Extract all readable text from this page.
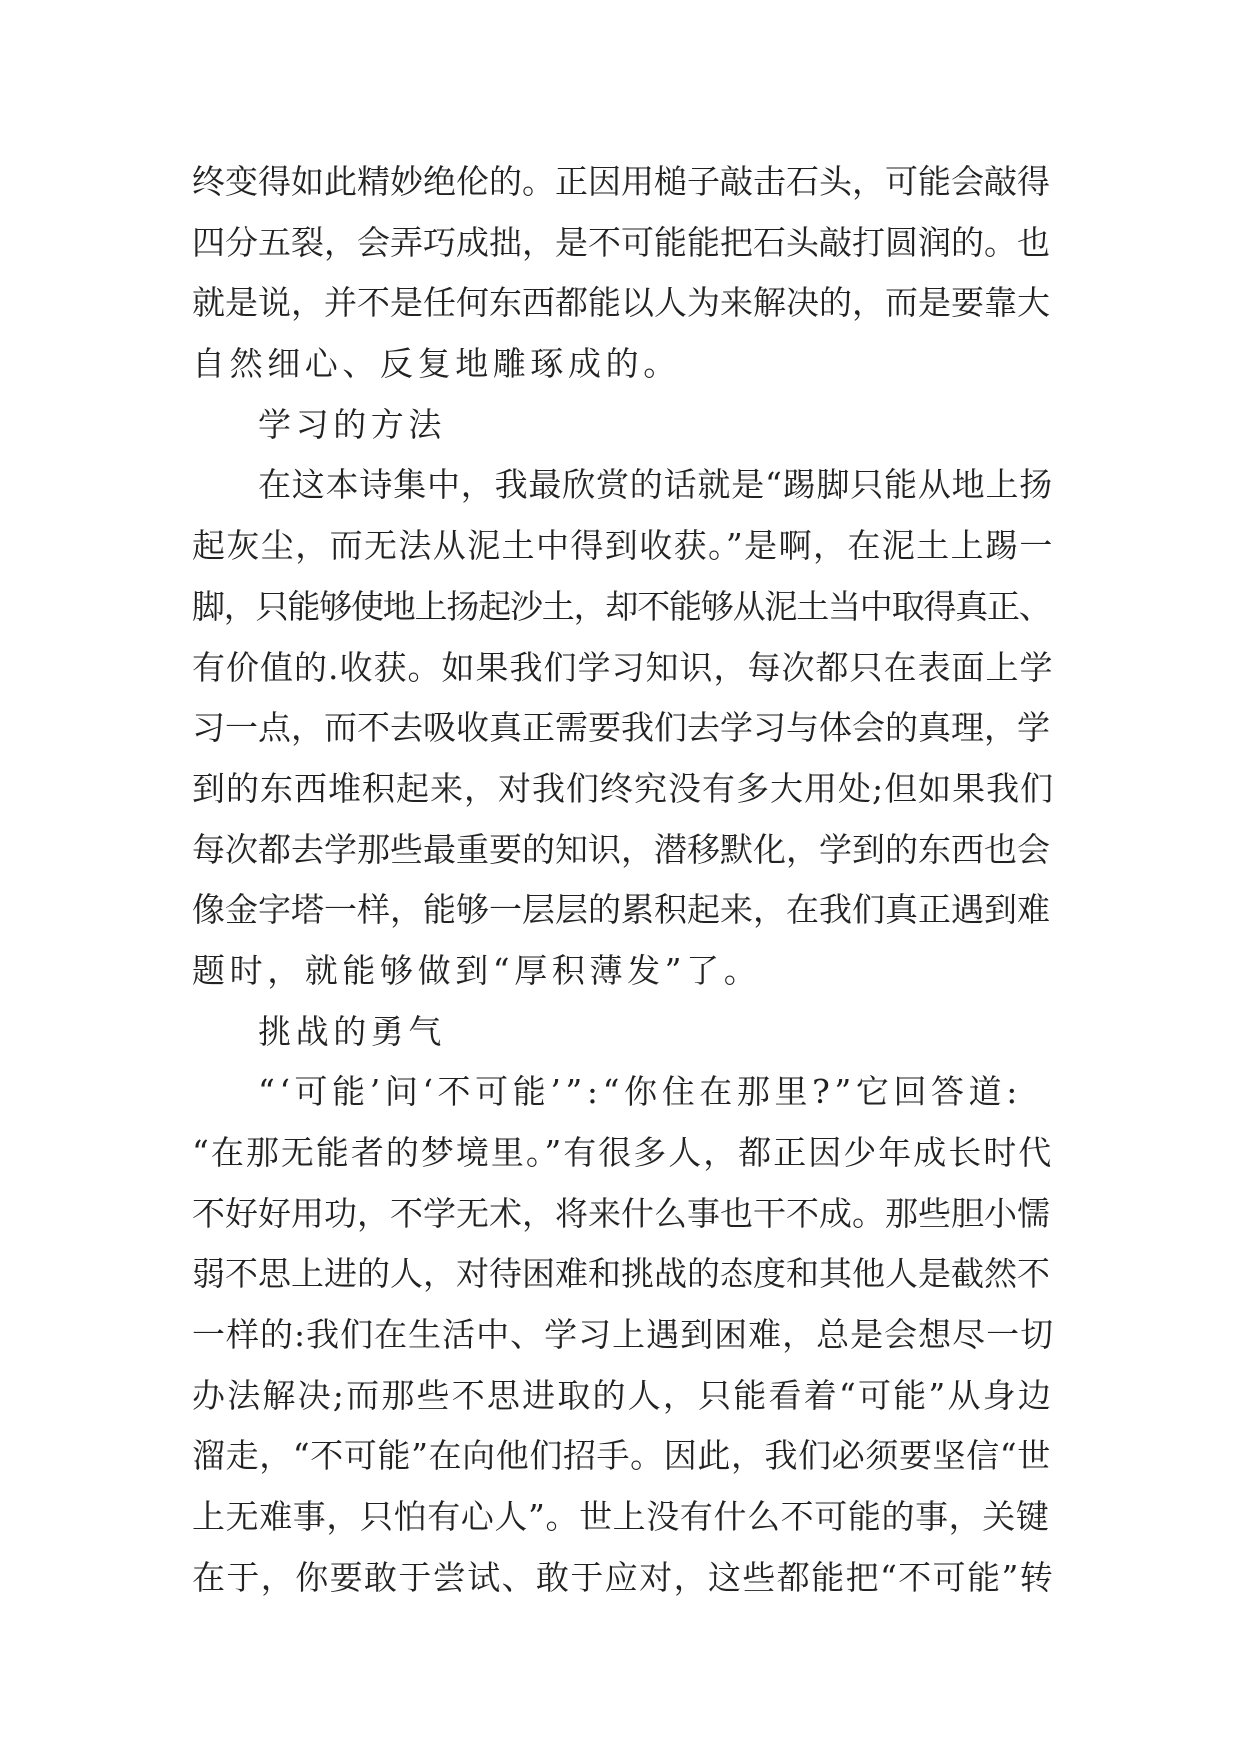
终变得如此精妙绝伦的。正因用槌子敲击石头，可能会敲得
四分五裂，会弄巧成拙，是不可能能把石头敲打圆润的。也
就是说，并不是任何东西都能以人为来解决的，而是要靠大
自然细心、反复地雕琢成的。
学习的方法
在这本诗集中，我最欣赏的话就是“踢脚只能从地上扬
起灰尘，而无法从泥土中得到收获。”是啊，在泥土上踢一
脚，只能够使地上扬起沙土，却不能够从泥土当中取得真正、
有价值的.收获。如果我们学习知识，每次都只在表面上学
习一点，而不去吸收真正需要我们去学习与体会的真理，学
到的东西堆积起来，对我们终究没有多大用处;但如果我们
每次都去学那些最重要的知识，潜移默化，学到的东西也会
像金字塔一样，能够一层层的累积起来，在我们真正遇到难
题时，就能够做到“厚积薄发”了。
挑战的勇气
“‘可能’问‘不可能’”:“你住在那里?”它回答道:
“在那无能者的梦境里。”有很多人，都正因少年成长时代
不好好用功，不学无术，将来什么事也干不成。那些胆小懦
弱不思上进的人，对待困难和挑战的态度和其他人是截然不
一样的:我们在生活中、学习上遇到困难，总是会想尽一切
办法解决;而那些不思进取的人，只能看着“可能”从身边
溜走，“不可能”在向他们招手。因此，我们必须要坚信“世
上无难事，只怕有心人”。世上没有什么不可能的事，关键
在于，你要敢于尝试、敢于应对，这些都能把“不可能”转
